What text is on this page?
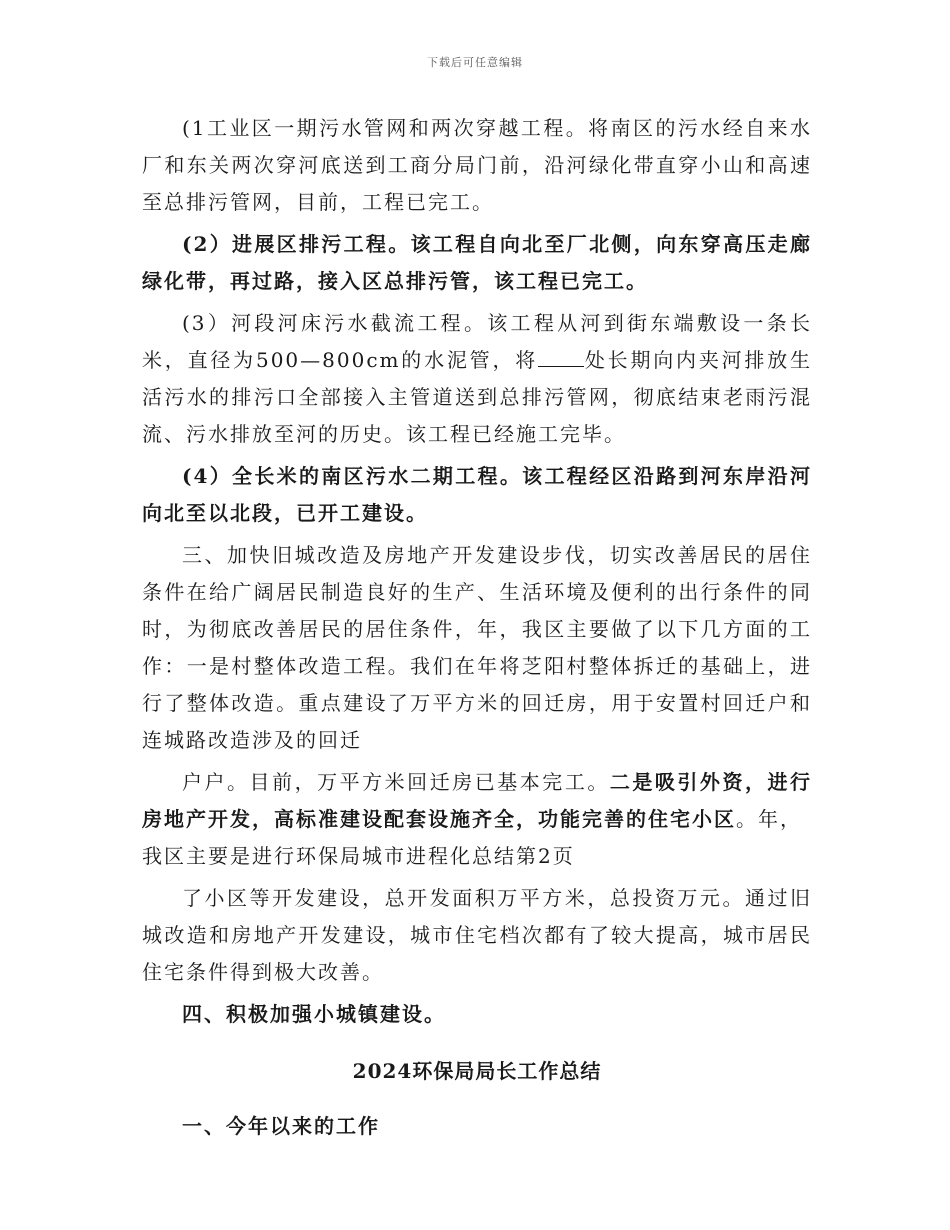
下载后可任意编辑

(1工业区一期污水管网和两次穿越工程。将南区的污水经自来水厂和东关两次穿河底送到工商分局门前，沿河绿化带直穿小山和高速至总排污管网，目前，工程已完工。

(2）进展区排污工程。该工程自向北至厂北侧，向东穿高压走廊绿化带，再过路，接入区总排污管，该工程已完工。

(3）河段河床污水截流工程。该工程从河到街东端敷设一条长米，直径为500—800cm的水泥管，将 处长期向内夹河排放生活污水的排污口全部接入主管道送到总排污管网，彻底结束老雨污混流、污水排放至河的历史。该工程已经施工完毕。

(4）全长米的南区污水二期工程。该工程经区沿路到河东岸沿河向北至以北段，已开工建设。

三、加快旧城改造及房地产开发建设步伐，切实改善居民的居住条件在给广阔居民制造良好的生产、生活环境及便利的出行条件的同时，为彻底改善居民的居住条件，年，我区主要做了以下几方面的工作：一是村整体改造工程。我们在年将芝阳村整体拆迁的基础上，进行了整体改造。重点建设了万平方米的回迁房，用于安置村回迁户和连城路改造涉及的回迁

户户。目前，万平方米回迁房已基本完工。二是吸引外资，进行房地产开发，高标准建设配套设施齐全，功能完善的住宅小区。年，

我区主要是进行环保局城市进程化总结第2页

了小区等开发建设，总开发面积万平方米，总投资万元。通过旧城改造和房地产开发建设，城市住宅档次都有了较大提高，城市居民住宅条件得到极大改善。

四、积极加强小城镇建设。

2024环保局局长工作总结
一、今年以来的工作
